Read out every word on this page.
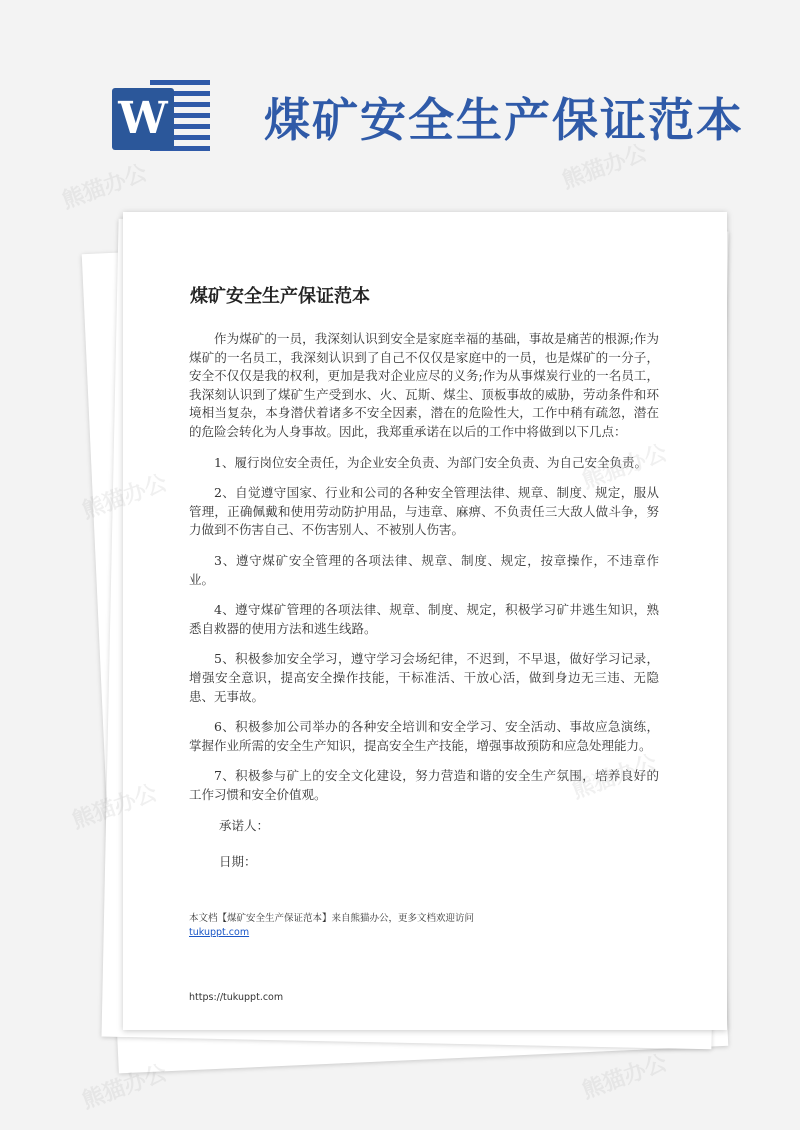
W 煤矿安全生产保证范本
煤矿安全生产保证范本

作为煤矿的一员，我深刻认识到安全是家庭幸福的基础，事故是痛苦的根源;作为煤矿的一名员工，我深刻认识到了自己不仅仅是家庭中的一员，也是煤矿的一分子，安全不仅仅是我的权利，更加是我对企业应尽的义务;作为从事煤炭行业的一名员工，我深刻认识到了煤矿生产受到水、火、瓦斯、煤尘、顶板事故的威胁，劳动条件和环境相当复杂，本身潜伏着诸多不安全因素，潜在的危险性大，工作中稍有疏忽，潜在的危险会转化为人身事故。因此，我郑重承诺在以后的工作中将做到以下几点：

1、履行岗位安全责任，为企业安全负责、为部门安全负责、为自己安全负责。

2、自觉遵守国家、行业和公司的各种安全管理法律、规章、制度、规定，服从管理，正确佩戴和使用劳动防护用品，与违章、麻痹、不负责任三大敌人做斗争，努力做到不伤害自己、不伤害别人、不被别人伤害。

3、遵守煤矿安全管理的各项法律、规章、制度、规定，按章操作，不违章作业。

4、遵守煤矿管理的各项法律、规章、制度、规定，积极学习矿井逃生知识，熟悉自救器的使用方法和逃生线路。

5、积极参加安全学习，遵守学习会场纪律，不迟到，不早退，做好学习记录，增强安全意识，提高安全操作技能，干标准活、干放心活，做到身边无三违、无隐患、无事故。

6、积极参加公司举办的各种安全培训和安全学习、安全活动、事故应急演练，掌握作业所需的安全生产知识，提高安全生产技能，增强事故预防和应急处理能力。

7、积极参与矿上的安全文化建设，努力营造和谐的安全生产氛围，培养良好的工作习惯和安全价值观。

承诺人：

日期：

本文档【煤矿安全生产保证范本】来自熊猫办公，更多文档欢迎访问
tukuppt.com
https://tukuppt.com
熊猫办公	熊猫办公
熊猫办公	熊猫办公
